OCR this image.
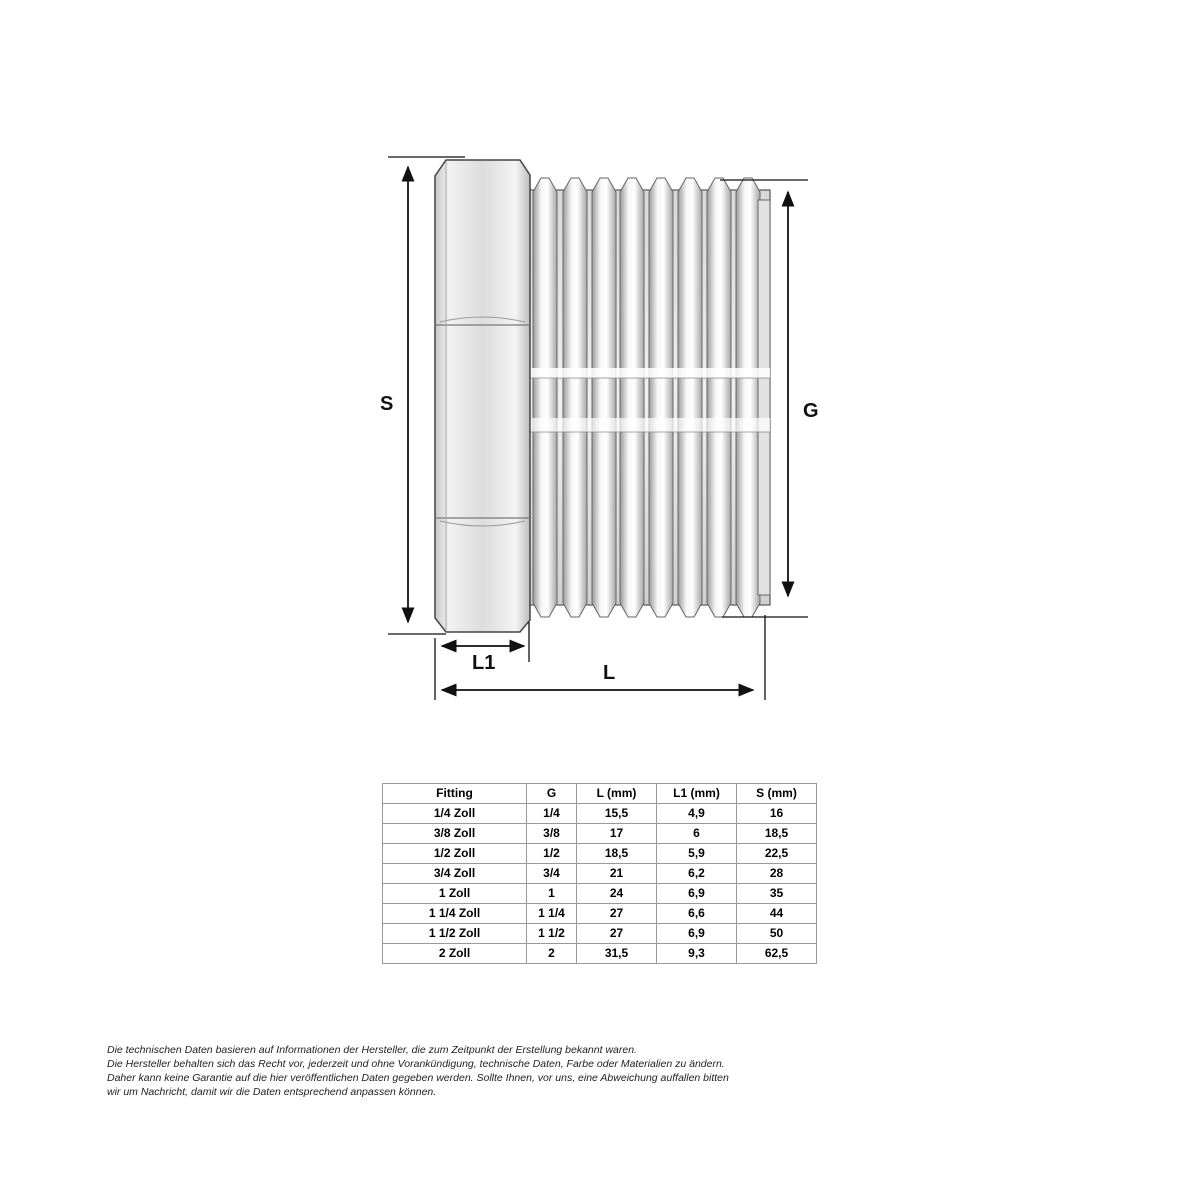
S	G
L1	L
Fitting	G	L (mm)	L1 (mm)	S (mm)
1/4 Zoll	1/4	15,5	4,9	16
3/8 Zoll	3/8	17	6	18,5
1/2 Zoll	1/2	18,5	5,9	22,5
3/4 Zoll	3/4	21	6,2	28
1 Zoll	1	24	6,9	35
1 1/4 Zoll	1 1/4	27	6,6	44
1 1/2 Zoll	1 1/2	27	6,9	50
2 Zoll	2	31,5	9,3	62,5
Die technischen Daten basieren auf Informationen der Hersteller, die zum Zeitpunkt der Erstellung bekannt waren.
Die Hersteller behalten sich das Recht vor, jederzeit und ohne Vorankündigung, technische Daten, Farbe oder Materialien zu ändern.
Daher kann keine Garantie auf die hier veröffentlichen Daten gegeben werden. Sollte Ihnen, vor uns, eine Abweichung auffallen bitten
wir um Nachricht, damit wir die Daten entsprechend anpassen können.
